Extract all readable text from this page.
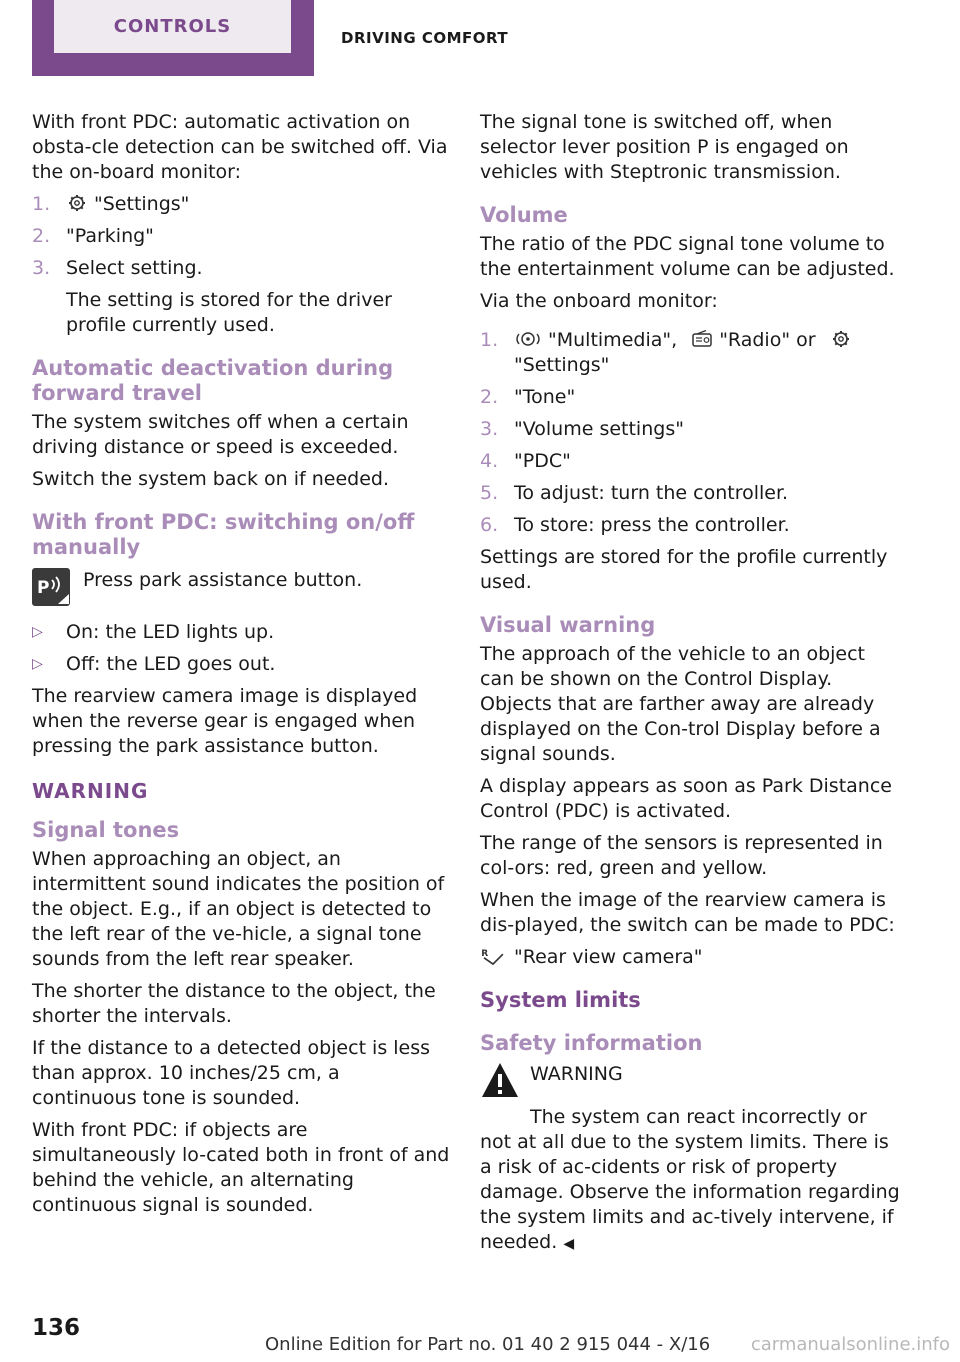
CONTROLS
DRIVING COMFORT

With front PDC: automatic activation on obsta-cle detection can be switched off. Via the on-board monitor:

1. "Settings"
2. "Parking"
3. Select setting.
The setting is stored for the driver profile currently used.
Automatic deactivation during forward travel

The system switches off when a certain driving distance or speed is exceeded.

Switch the system back on if needed.

With front PDC: switching on/off manually
P Press park assistance button.
▷ On: the LED lights up.
▷ Off: the LED goes out.

The rearview camera image is displayed when the reverse gear is engaged when pressing the park assistance button.

WARNING
Signal tones

When approaching an object, an intermittent sound indicates the position of the object. E.g., if an object is detected to the left rear of the ve-hicle, a signal tone sounds from the left rear speaker.

The shorter the distance to the object, the shorter the intervals.

If the distance to a detected object is less than approx. 10 inches/25 cm, a continuous tone is sounded.

With front PDC: if objects are simultaneously lo-cated both in front of and behind the vehicle, an alternating continuous signal is sounded.

The signal tone is switched off, when selector lever position P is engaged on vehicles with Steptronic transmission.

Volume

The ratio of the PDC signal tone volume to the entertainment volume can be adjusted.

Via the onboard monitor:

1.	"Multimedia", "Radio" or
"Settings"
2. "Tone"
3. "Volume settings"
4. "PDC"
5. To adjust: turn the controller.
6. To store: press the controller.

Settings are stored for the profile currently used.

Visual warning

The approach of the vehicle to an object can be shown on the Control Display. Objects that are farther away are already displayed on the Con-trol Display before a signal sounds.

A display appears as soon as Park Distance Control (PDC) is activated.

The range of the sensors is represented in col-ors: red, green and yellow.

When the image of the rearview camera is dis-played, the switch can be made to PDC:

R "Rear view camera"

System limits
Safety information
WARNING

The system can react incorrectly or not at all due to the system limits. There is a risk of ac-cidents or risk of property damage. Observe the information regarding the system limits and ac-tively intervene, if needed. ◀

136
Online Edition for Part no. 01 40 2 915 044 - X/16 carmanualsonline.info
